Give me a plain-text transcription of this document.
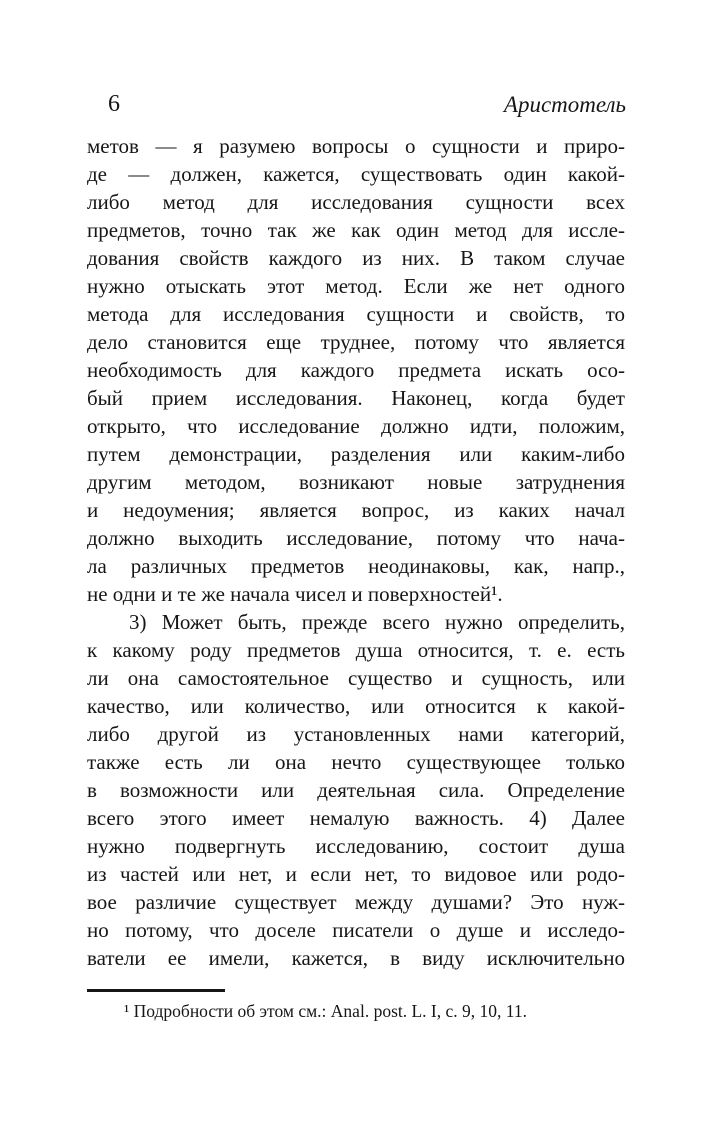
6	Аристотель
метов — я разумею вопросы о сущности и приро-
де — должен, кажется, существовать один какой-
либо метод для исследования сущности всех
предметов, точно так же как один метод для иссле-
дования свойств каждого из них. В таком случае
нужно отыскать этот метод. Если же нет одного
метода для исследования сущности и свойств, то
дело становится еще труднее, потому что является
необходимость для каждого предмета искать осо-
бый прием исследования. Наконец, когда будет
открыто, что исследование должно идти, положим,
путем демонстрации, разделения или каким-либо
другим методом, возникают новые затруднения
и недоумения; является вопрос, из каких начал
должно выходить исследование, потому что нача-
ла различных предметов неодинаковы, как, напр.,
не одни и те же начала чисел и поверхностей¹.
3) Может быть, прежде всего нужно определить,
к какому роду предметов душа относится, т. е. есть
ли она самостоятельное существо и сущность, или
качество, или количество, или относится к какой-
либо другой из установленных нами категорий,
также есть ли она нечто существующее только
в возможности или деятельная сила. Определение
всего этого имеет немалую важность. 4) Далее
нужно подвергнуть исследованию, состоит душа
из частей или нет, и если нет, то видовое или родо-
вое различие существует между душами? Это нуж-
но потому, что доселе писатели о душе и исследо-
ватели ее имели, кажется, в виду исключительно
¹ Подробности об этом см.: Anal. post. L. I, c. 9, 10, 11.
